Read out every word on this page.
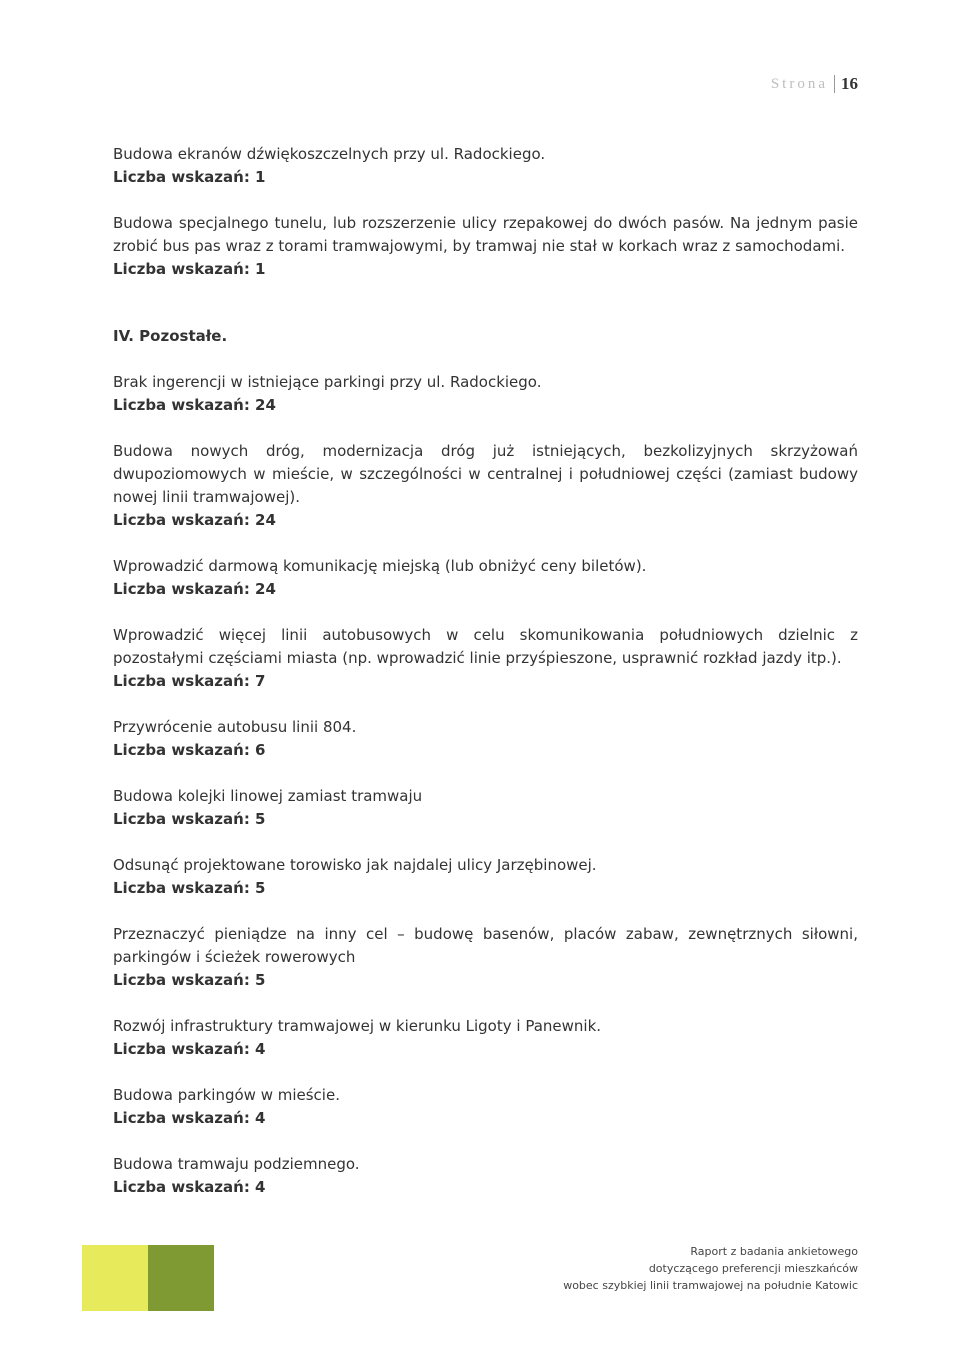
Strona 16

Budowa ekranów dźwiękoszczelnych przy ul. Radockiego.

Liczba wskazań: 1

Budowa specjalnego tunelu, lub rozszerzenie ulicy rzepakowej do dwóch pasów. Na jednym pasie zrobić bus pas wraz z torami tramwajowymi, by tramwaj nie stał w korkach wraz z samochodami.

Liczba wskazań: 1

IV. Pozostałe.

Brak ingerencji w istniejące parkingi przy ul. Radockiego.

Liczba wskazań: 24

Budowa nowych dróg, modernizacja dróg już istniejących, bezkolizyjnych skrzyżowań dwupoziomowych w mieście, w szczególności w centralnej i południowej części (zamiast budowy nowej linii tramwajowej).

Liczba wskazań: 24

Wprowadzić darmową komunikację miejską (lub obniżyć ceny biletów).

Liczba wskazań: 24

Wprowadzić więcej linii autobusowych w celu skomunikowania południowych dzielnic z pozostałymi częściami miasta (np. wprowadzić linie przyśpieszone, usprawnić rozkład jazdy itp.).

Liczba wskazań: 7

Przywrócenie autobusu linii 804.

Liczba wskazań: 6

Budowa kolejki linowej zamiast tramwaju

Liczba wskazań: 5

Odsunąć projektowane torowisko jak najdalej ulicy Jarzębinowej.

Liczba wskazań: 5

Przeznaczyć pieniądze na inny cel – budowę basenów, placów zabaw, zewnętrznych siłowni, parkingów i ścieżek rowerowych

Liczba wskazań: 5

Rozwój infrastruktury tramwajowej w kierunku Ligoty i Panewnik.

Liczba wskazań: 4

Budowa parkingów w mieście.

Liczba wskazań: 4

Budowa tramwaju podziemnego.

Liczba wskazań: 4

Raport z badania ankietowego
dotyczącego preferencji mieszkańców
wobec szybkiej linii tramwajowej na południe Katowic
